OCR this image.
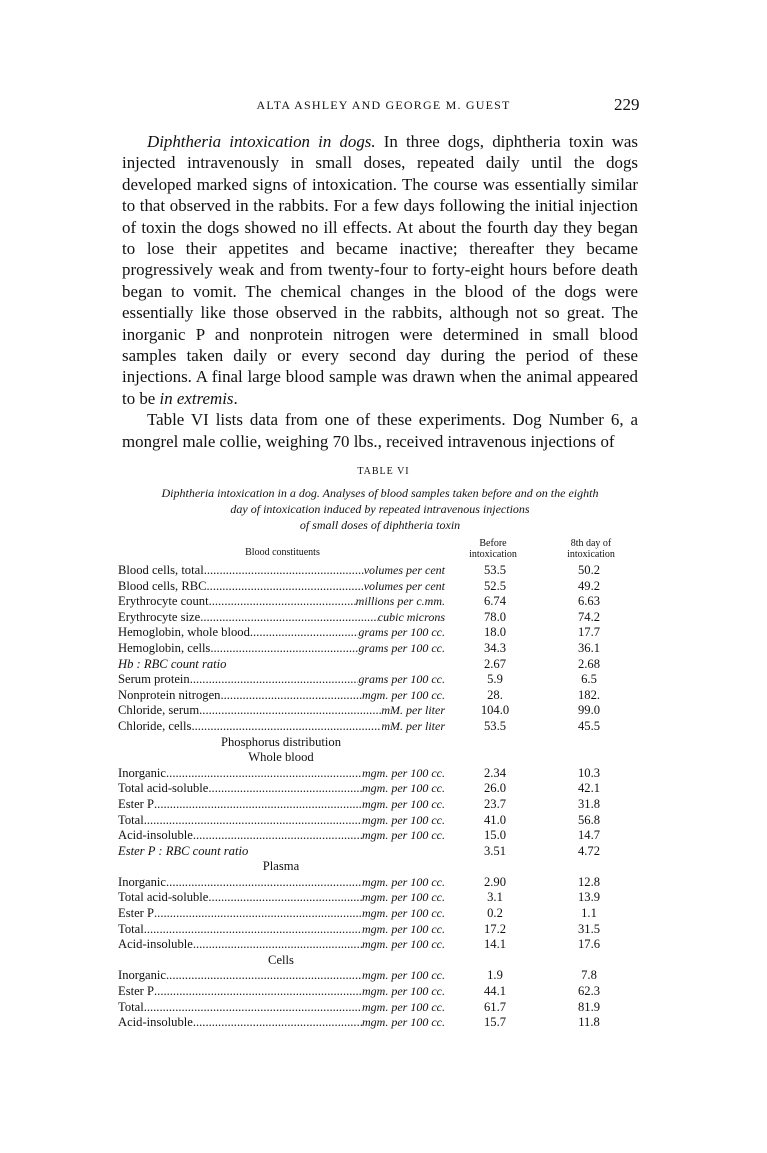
ALTA ASHLEY AND GEORGE M. GUEST	229

Diphtheria intoxication in dogs. In three dogs, diphtheria toxin was injected intravenously in small doses, repeated daily until the dogs developed marked signs of intoxication. The course was essentially similar to that observed in the rabbits. For a few days following the initial injection of toxin the dogs showed no ill effects. At about the fourth day they began to lose their appetites and became inactive; thereafter they became progressively weak and from twenty-four to forty-eight hours before death began to vomit. The chemical changes in the blood of the dogs were essentially like those observed in the rabbits, although not so great. The inorganic P and nonprotein nitrogen were determined in small blood samples taken daily or every second day during the period of these injections. A final large blood sample was drawn when the animal appeared to be in extremis.

Table VI lists data from one of these experiments. Dog Number 6, a mongrel male collie, weighing 70 lbs., received intravenous injections of

TABLE VI
Diphtheria intoxication in a dog. Analyses of blood samples taken before and on the eighth
day of intoxication induced by repeated intravenous injections
of small doses of diphtheria toxin
Blood constituents
Before
intoxication
8th day of
intoxication
Blood cells, total .....	volumes per cent	53.5	50.2
Blood cells, RBC .....	volumes per cent	52.5	49.2
Erythrocyte count .....	millions per c.mm.	6.74	6.63
Erythrocyte size .....	cubic microns	78.0	74.2
Hemoglobin, whole blood .....	grams per 100 cc.	18.0	17.7
Hemoglobin, cells .....	grams per 100 cc.	34.3	36.1
Hb : RBC count ratio	2.67	2.68
Serum protein .....	grams per 100 cc.	5.9	6.5
Nonprotein nitrogen .....	mgm. per 100 cc.	28.	182.
Chloride, serum .....	mM. per liter	104.0	99.0
Chloride, cells .....	mM. per liter	53.5	45.5
Phosphorus distribution
Whole blood
Inorganic .....	mgm. per 100 cc.	2.34	10.3
Total acid-soluble .....	mgm. per 100 cc.	26.0	42.1
Ester P .....	mgm. per 100 cc.	23.7	31.8
Total .....	mgm. per 100 cc.	41.0	56.8
Acid-insoluble .....	mgm. per 100 cc.	15.0	14.7
Ester P : RBC count ratio	3.51	4.72
Plasma
Inorganic .....	mgm. per 100 cc.	2.90	12.8
Total acid-soluble .....	mgm. per 100 cc.	3.1	13.9
Ester P .....	mgm. per 100 cc.	0.2	1.1
Total .....	mgm. per 100 cc.	17.2	31.5
Acid-insoluble .....	mgm. per 100 cc.	14.1	17.6
Cells
Inorganic .....	mgm. per 100 cc.	1.9	7.8
Ester P .....	mgm. per 100 cc.	44.1	62.3
Total .....	mgm. per 100 cc.	61.7	81.9
Acid-insoluble .....	mgm. per 100 cc.	15.7	11.8
